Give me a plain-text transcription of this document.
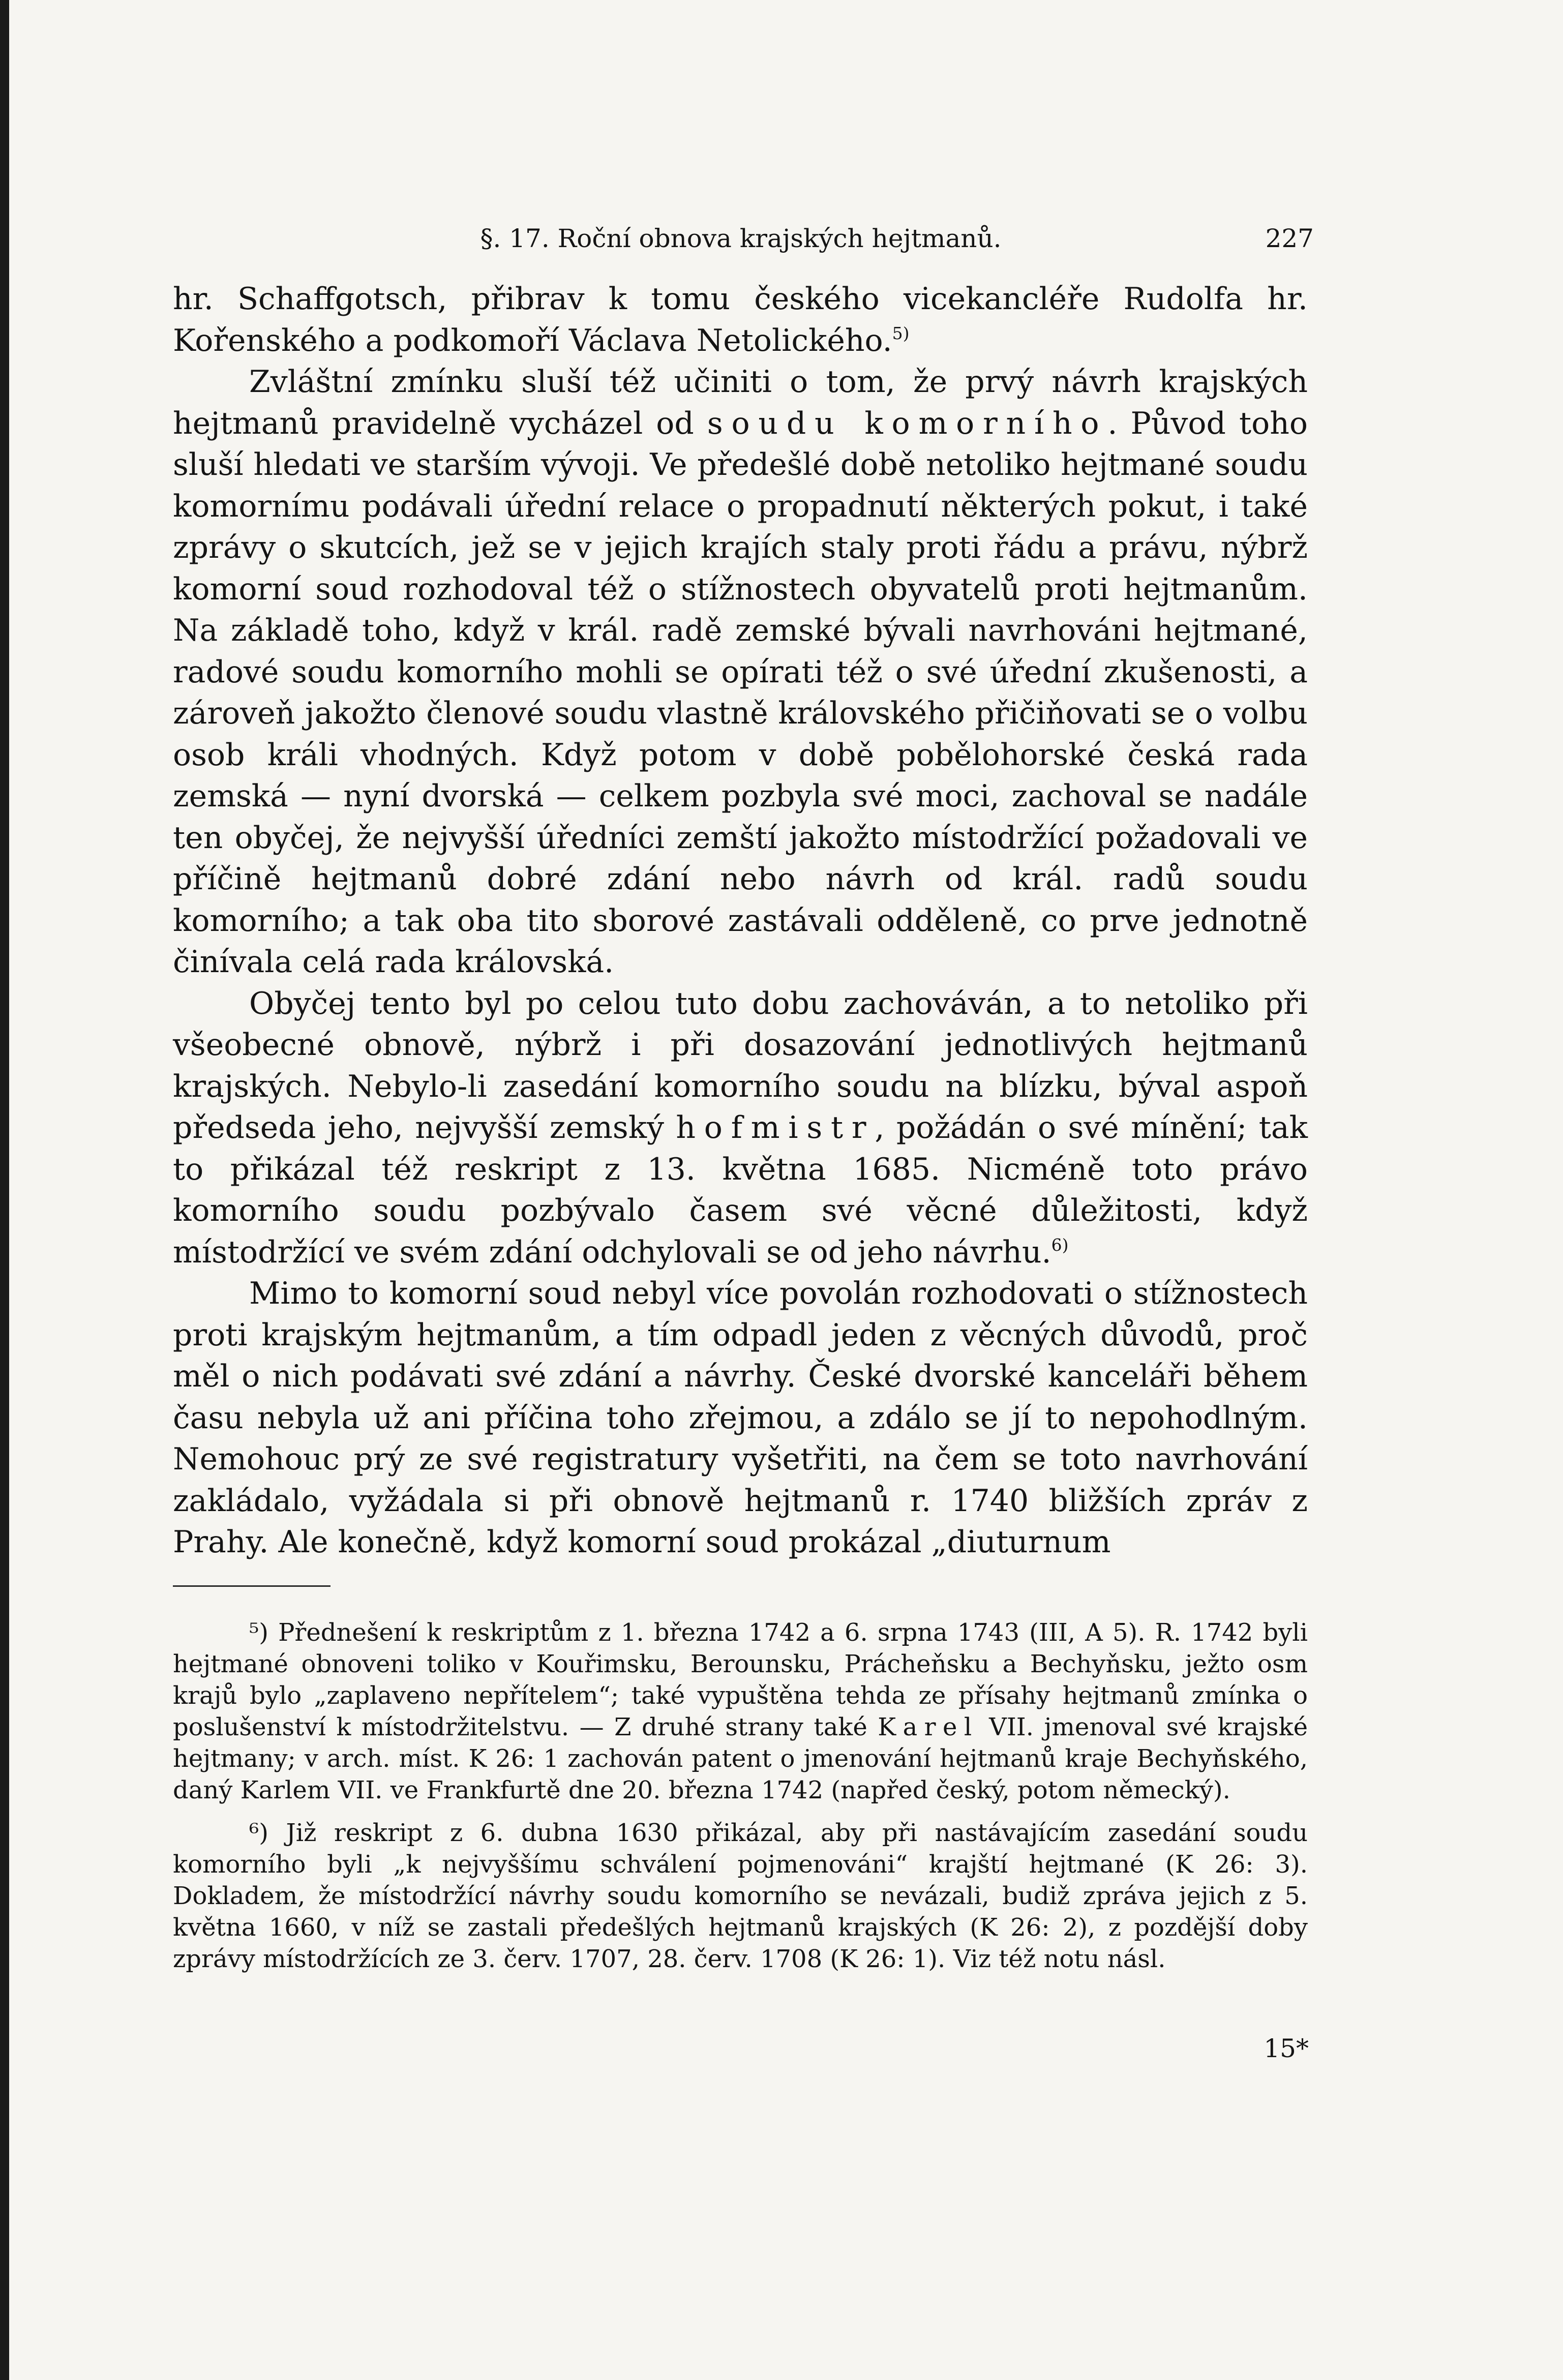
§. 17. Roční obnova krajských hejtmanů.	227

hr. Schaffgotsch, přibrav k tomu českého vicekancléře Rudolfa hr. Kořenského a podkomoří Václava Netolického.$^{5)}$

Zvláštní zmínku sluší též učiniti o tom, že prvý návrh krajských hejtmanů pravidelně vycházel od soudu komorního. Původ toho sluší hledati ve starším vývoji. Ve předešlé době netoliko hejtmané soudu komornímu podávali úřední relace o propadnutí některých pokut, i také zprávy o skutcích, jež se v jejich krajích staly proti řádu a právu, nýbrž komorní soud rozhodoval též o stížnostech obyvatelů proti hejtmanům. Na základě toho, když v král. radě zemské bývali navrhováni hejtmané, radové soudu komorního mohli se opírati též o své úřední zkušenosti, a zároveň jakožto členové soudu vlastně královského přičiňovati se o volbu osob králi vhodných. Když potom v době pobělohorské česká rada zemská — nyní dvorská — celkem pozbyla své moci, zachoval se nadále ten obyčej, že nejvyšší úředníci zemští jakožto místodržící požadovali ve příčině hejtmanů dobré zdání nebo návrh od král. radů soudu komorního; a tak oba tito sborové zastávali odděleně, co prve jednotně činívala celá rada královská.

Obyčej tento byl po celou tuto dobu zachováván, a to netoliko při všeobecné obnově, nýbrž i při dosazování jednotlivých hejtmanů krajských. Nebylo-li zasedání komorního soudu na blízku, býval aspoň předseda jeho, nejvyšší zemský hofmistr, požádán o své mínění; tak to přikázal též reskript z 13. května 1685. Nicméně toto právo komorního soudu pozbývalo časem své věcné důležitosti, když místodržící ve svém zdání odchylovali se od jeho návrhu.$^{6)}$

Mimo to komorní soud nebyl více povolán rozhodovati o stížnostech proti krajským hejtmanům, a tím odpadl jeden z věcných důvodů, proč měl o nich podávati své zdání a návrhy. České dvorské kanceláři během času nebyla už ani příčina toho zřejmou, a zdálo se jí to nepohodlným. Nemohouc prý ze své registratury vyšetřiti, na čem se toto navrhování zakládalo, vyžádala si při obnově hejtmanů r. 1740 bližších zpráv z Prahy. Ale konečně, když komorní soud prokázal „diuturnum

⁵) Přednešení k reskriptům z 1. března 1742 a 6. srpna 1743 (III, A 5). R. 1742 byli hejtmané obnoveni toliko v Kouřimsku, Berounsku, Prácheňsku a Bechyňsku, ježto osm krajů bylo „zaplaveno nepřítelem“; také vypuštěna tehda ze přísahy hejtmanů zmínka o poslušenství k místodržitelstvu. — Z druhé strany také Karel VII. jmenoval své krajské hejtmany; v arch. míst. K 26: 1 zachován patent o jmenování hejtmanů kraje Bechyňského, daný Karlem VII. ve Frankfurtě dne 20. března 1742 (napřed český, potom německý).

⁶) Již reskript z 6. dubna 1630 přikázal, aby při nastávajícím zasedání soudu komorního byli „k nejvyššímu schválení pojmenováni“ krajští hejtmané (K 26: 3). Dokladem, že místodržící návrhy soudu komorního se nevázali, budiž zpráva jejich z 5. května 1660, v níž se zastali předešlých hejtmanů krajských (K 26: 2), z pozdější doby zprávy místodržících ze 3. červ. 1707, 28. červ. 1708 (K 26: 1). Viz též notu násl.

15*
